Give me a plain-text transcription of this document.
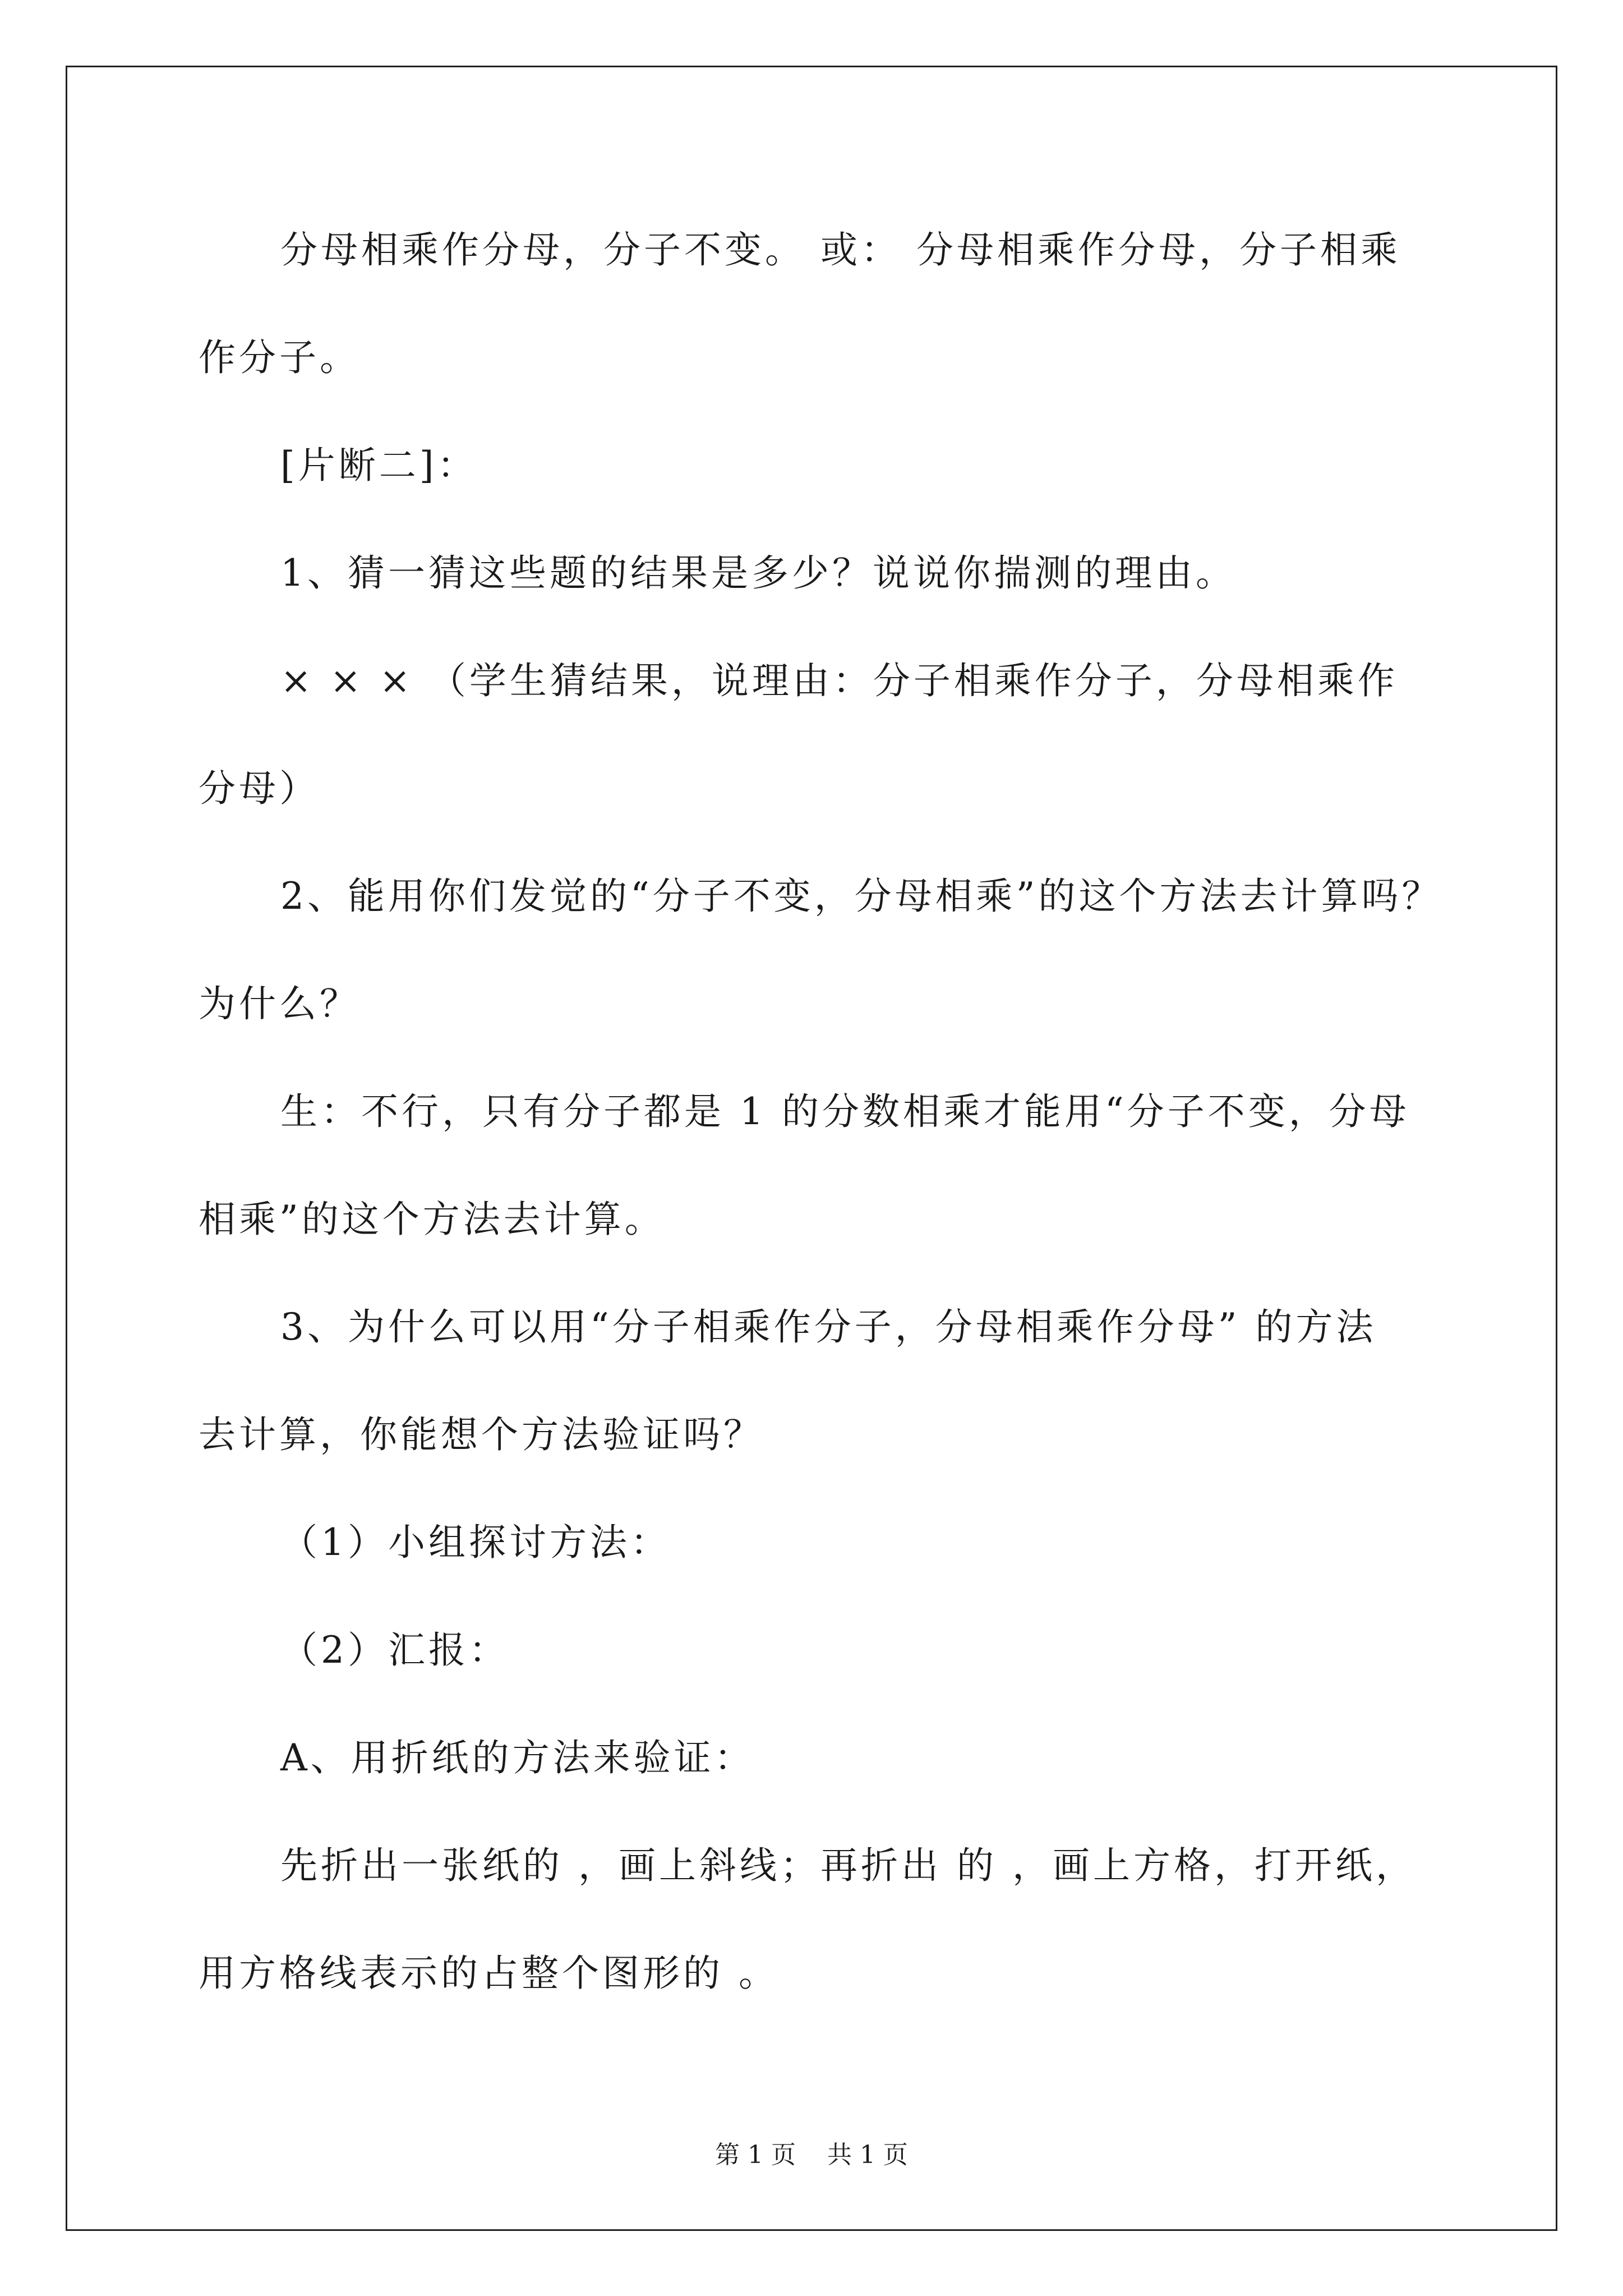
分母相乘作分母，分子不变。 或： 分母相乘作分母，分子相乘
作分子。
[片断二]：
1、猜一猜这些题的结果是多少？说说你揣测的理由。
× × × （学生猜结果，说理由：分子相乘作分子，分母相乘作
分母）
2、能用你们发觉的“分子不变，分母相乘”的这个方法去计算吗？
为什么？
生：不行，只有分子都是 1 的分数相乘才能用“分子不变，分母
相乘”的这个方法去计算。
3、为什么可以用“分子相乘作分子，分母相乘作分母” 的方法
去计算，你能想个方法验证吗？
（1）小组探讨方法：
（2）汇报：
A、用折纸的方法来验证：
先折出一张纸的 ，画上斜线；再折出 的 ，画上方格，打开纸，
用方格线表示的占整个图形的 。
第 1 页    共 1 页
